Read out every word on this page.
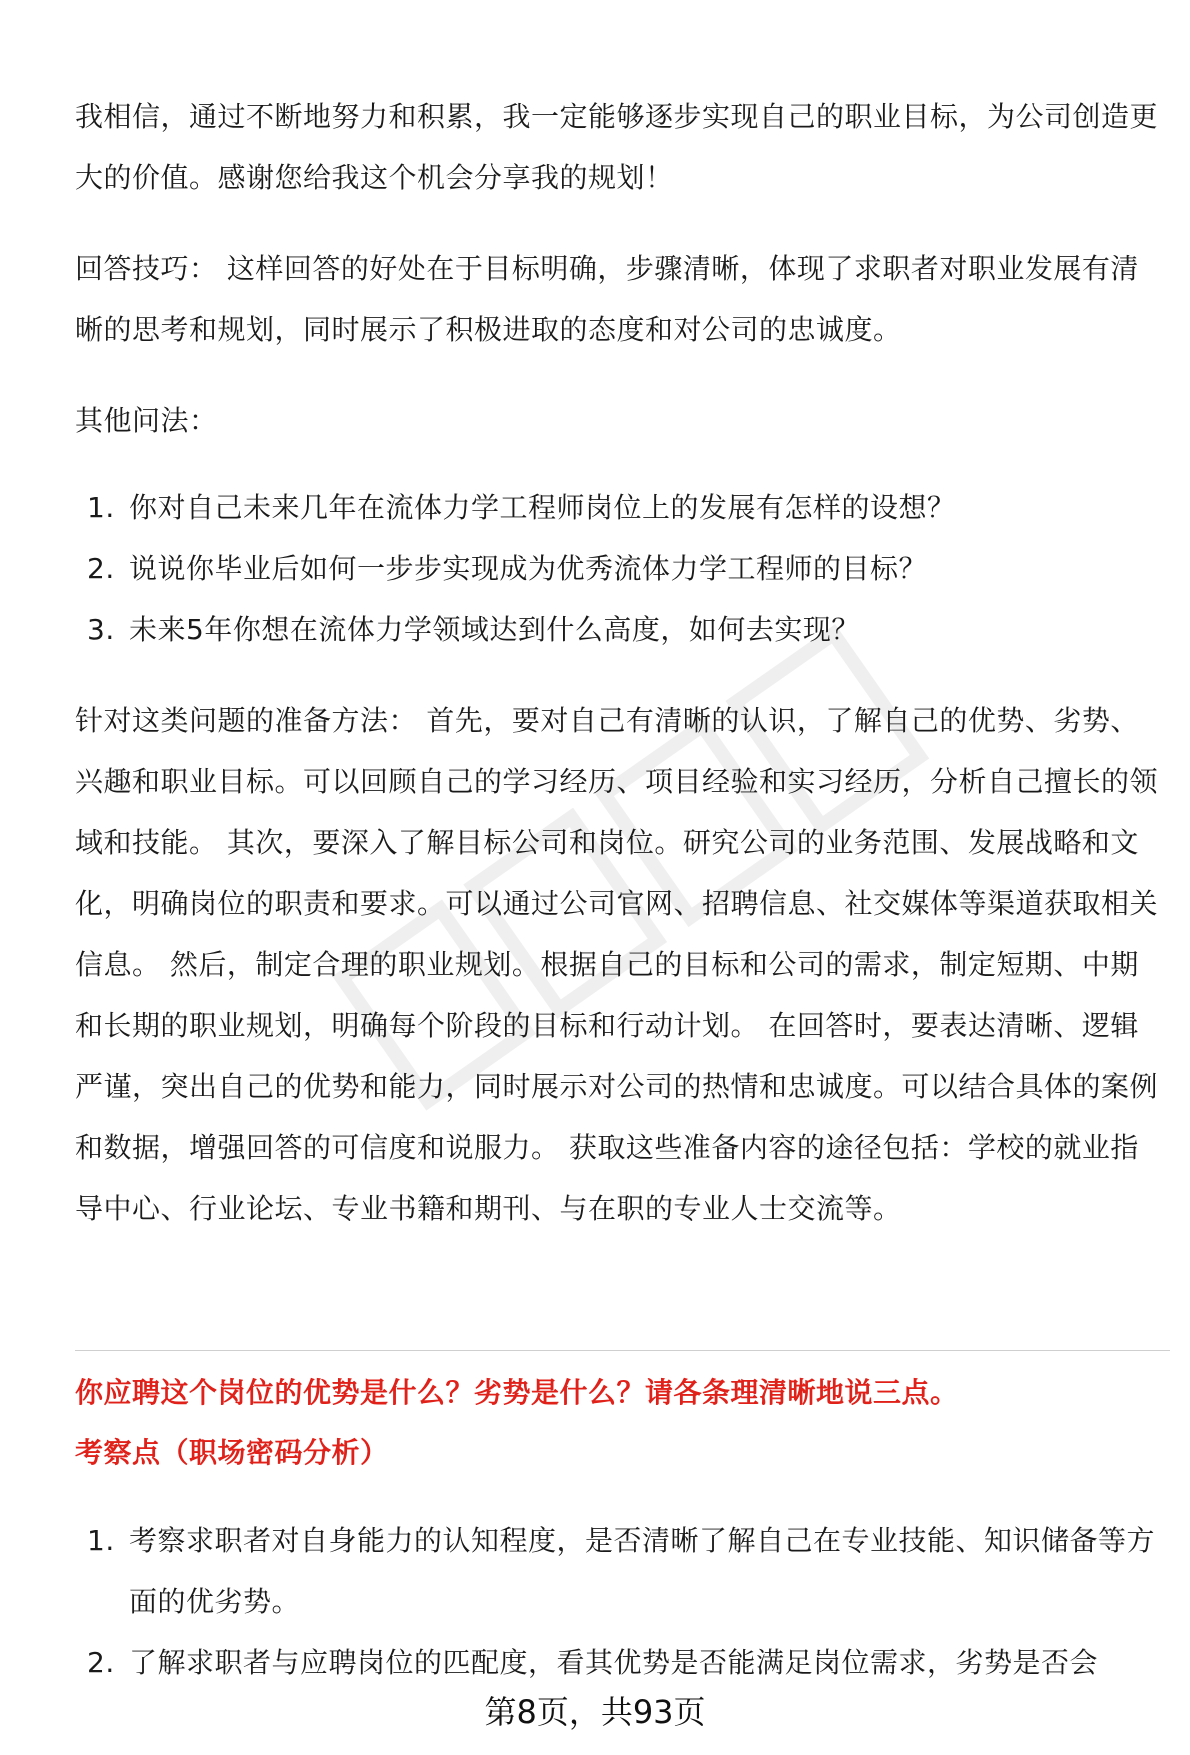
我相信，通过不断地努力和积累，我一定能够逐步实现自己的职业目标，为公司创造更大的价值。感谢您给我这个机会分享我的规划！

回答技巧： 这样回答的好处在于目标明确，步骤清晰，体现了求职者对职业发展有清晰的思考和规划，同时展示了积极进取的态度和对公司的忠诚度。

其他问法：

1. 你对自己未来几年在流体力学工程师岗位上的发展有怎样的设想？
2. 说说你毕业后如何一步步实现成为优秀流体力学工程师的目标？
3. 未来5年你想在流体力学领域达到什么高度，如何去实现？

针对这类问题的准备方法： 首先，要对自己有清晰的认识，了解自己的优势、劣势、兴趣和职业目标。可以回顾自己的学习经历、项目经验和实习经历，分析自己擅长的领域和技能。 其次，要深入了解目标公司和岗位。研究公司的业务范围、发展战略和文化，明确岗位的职责和要求。可以通过公司官网、招聘信息、社交媒体等渠道获取相关信息。 然后，制定合理的职业规划。根据自己的目标和公司的需求，制定短期、中期和长期的职业规划，明确每个阶段的目标和行动计划。 在回答时，要表达清晰、逻辑严谨，突出自己的优势和能力，同时展示对公司的热情和忠诚度。可以结合具体的案例和数据，增强回答的可信度和说服力。 获取这些准备内容的途径包括：学校的就业指导中心、行业论坛、专业书籍和期刊、与在职的专业人士交流等。

你应聘这个岗位的优势是什么？劣势是什么？请各条理清晰地说三点。
考察点（职场密码分析）
1. 考察求职者对自身能力的认知程度，是否清晰了解自己在专业技能、知识储备等方面的优劣势。
2. 了解求职者与应聘岗位的匹配度，看其优势是否能满足岗位需求，劣势是否会
第8页，共93页
